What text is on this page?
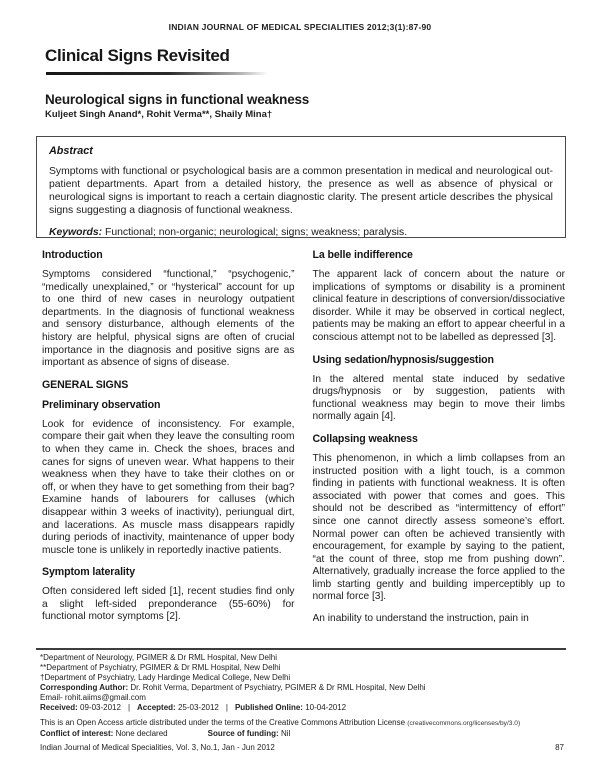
INDIAN JOURNAL OF MEDICAL SPECIALITIES 2012;3(1):87-90
Clinical Signs Revisited
Neurological signs in functional weakness
Kuljeet Singh Anand*, Rohit Verma**, Shaily Mina†
Abstract

Symptoms with functional or psychological basis are a common presentation in medical and neurological out-patient departments. Apart from a detailed history, the presence as well as absence of physical or neurological signs is important to reach a certain diagnostic clarity. The present article describes the physical signs suggesting a diagnosis of functional weakness.

Keywords: Functional; non-organic; neurological; signs; weakness; paralysis.

Introduction

Symptoms considered “functional,” “psychogenic,” “medically unexplained,” or “hysterical” account for up to one third of new cases in neurology outpatient departments. In the diagnosis of functional weakness and sensory disturbance, although elements of the history are helpful, physical signs are often of crucial importance in the diagnosis and positive signs are as important as absence of signs of disease.

GENERAL SIGNS
Preliminary observation

Look for evidence of inconsistency. For example, compare their gait when they leave the consulting room to when they came in. Check the shoes, braces and canes for signs of uneven wear. What happens to their weakness when they have to take their clothes on or off, or when they have to get something from their bag? Examine hands of labourers for calluses (which disappear within 3 weeks of inactivity), periungual dirt, and lacerations. As muscle mass disappears rapidly during periods of inactivity, maintenance of upper body muscle tone is unlikely in reportedly inactive patients.

Symptom laterality

Often considered left sided [1], recent studies find only a slight left-sided preponderance (55-60%) for functional motor symptoms [2].

La belle indifference

The apparent lack of concern about the nature or implications of symptoms or disability is a prominent clinical feature in descriptions of conversion/dissociative disorder. While it may be observed in cortical neglect, patients may be making an effort to appear cheerful in a conscious attempt not to be labelled as depressed [3].

Using sedation/hypnosis/suggestion

In the altered mental state induced by sedative drugs/hypnosis or by suggestion, patients with functional weakness may begin to move their limbs normally again [4].

Collapsing weakness

This phenomenon, in which a limb collapses from an instructed position with a light touch, is a common finding in patients with functional weakness. It is often associated with power that comes and goes. This should not be described as “intermittency of effort” since one cannot directly assess someone’s effort. Normal power can often be achieved transiently with encouragement, for example by saying to the patient, “at the count of three, stop me from pushing down”. Alternatively, gradually increase the force applied to the limb starting gently and building imperceptibly up to normal force [3].

An inability to understand the instruction, pain in

*Department of Neurology, PGIMER & Dr RML Hospital, New Delhi
**Department of Psychiatry, PGIMER & Dr RML Hospital, New Delhi
†Department of Psychiatry, Lady Hardinge Medical College, New Delhi
Corresponding Author: Dr. Rohit Verma, Department of Psychiatry, PGIMER & Dr RML Hospital, New Delhi
Email- rohit.aiims@gmail.com
Received: 09-03-2012 | Accepted: 25-03-2012 | Published Online: 10-04-2012
This is an Open Access article distributed under the terms of the Creative Commons Attribution License (creativecommons.org/licenses/by/3.0)
Conflict of interest: None declared	Source of funding: Nil
Indian Journal of Medical Specialities, Vol. 3, No.1, Jan - Jun 2012	87
